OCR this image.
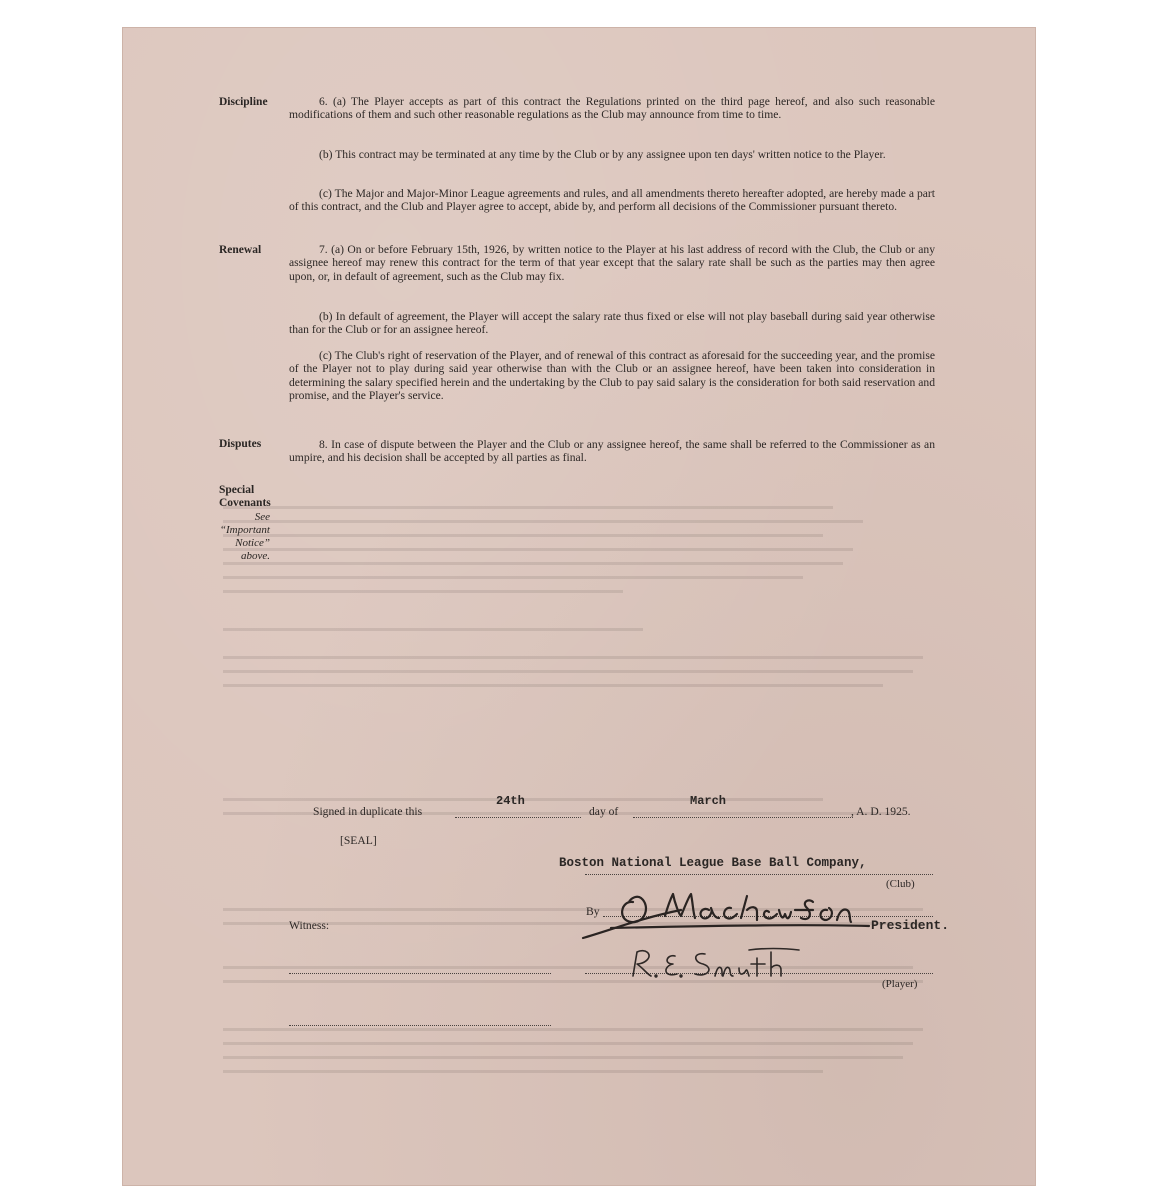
Discipline	6. (a) The Player accepts as part of this contract the Regulations printed on the third page hereof, and also such reasonable modifications of them and such other reasonable regulations as the Club may announce from time to time.
(b) This contract may be terminated at any time by the Club or by any assignee upon ten days' written notice to the Player.
(c) The Major and Major-Minor League agreements and rules, and all amendments thereto hereafter adopted, are hereby made a part of this contract, and the Club and Player agree to accept, abide by, and perform all decisions of the Commissioner pursuant thereto.
Renewal	7. (a) On or before February 15th, 1926, by written notice to the Player at his last address of record with the Club, the Club or any assignee hereof may renew this contract for the term of that year except that the salary rate shall be such as the parties may then agree upon, or, in default of agreement, such as the Club may fix.
(b) In default of agreement, the Player will accept the salary rate thus fixed or else will not play baseball during said year otherwise than for the Club or for an assignee hereof.
(c) The Club's right of reservation of the Player, and of renewal of this contract as aforesaid for the succeeding year, and the promise of the Player not to play during said year otherwise than with the Club or an assignee hereof, have been taken into consideration in determining the salary specified herein and the undertaking by the Club to pay said salary is the consideration for both said reservation and promise, and the Player's service.
Disputes	8. In case of dispute between the Player and the Club or any assignee hereof, the same shall be referred to the Commissioner as an umpire, and his decision shall be accepted by all parties as final.
Special
Covenants
See
“Important
Notice”
above.
Signed in duplicate this
24th
day of
March
, A. D. 1925.
[SEAL]
Boston National League Base Ball Company,
(Club)
By
President.
Witness:
(Player)
